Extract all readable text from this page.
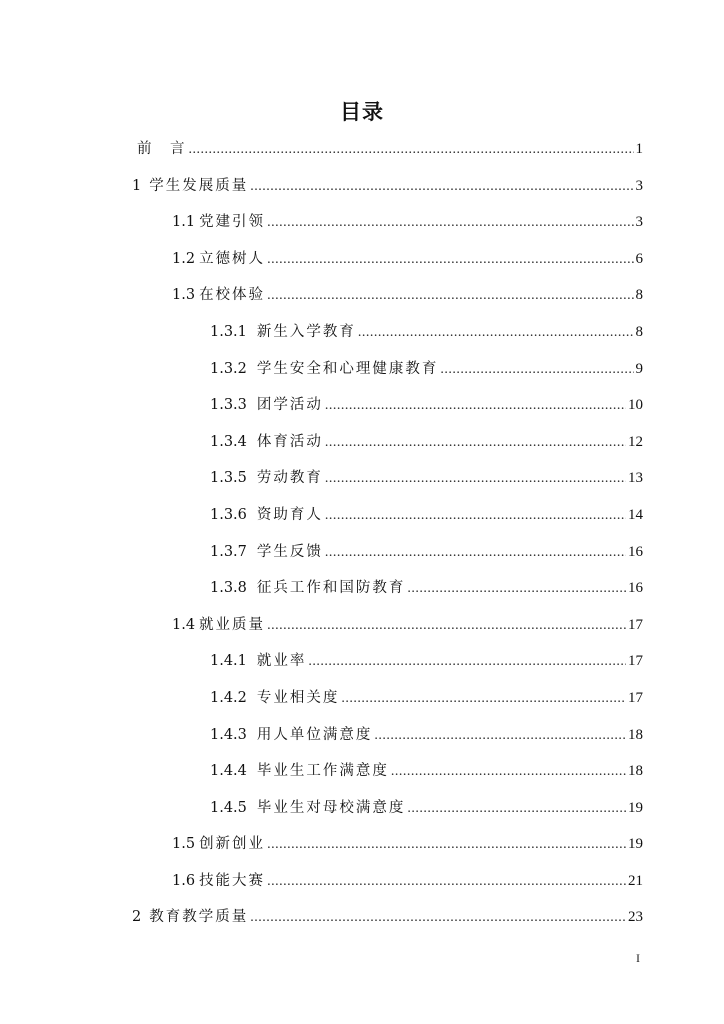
目录
前　言 .....	1
1 学生发展质量 .....	3
1.1 党建引领 .....	3
1.2 立德树人 .....	6
1.3 在校体验 .....	8
1.3.1 新生入学教育 .....	8
1.3.2 学生安全和心理健康教育 .....	9
1.3.3 团学活动 .....	10
1.3.4 体育活动 .....	12
1.3.5 劳动教育 .....	13
1.3.6 资助育人 .....	14
1.3.7 学生反馈 .....	16
1.3.8 征兵工作和国防教育 .....	16
1.4 就业质量 .....	17
1.4.1 就业率 .....	17
1.4.2 专业相关度 .....	17
1.4.3 用人单位满意度 .....	18
1.4.4 毕业生工作满意度 .....	18
1.4.5 毕业生对母校满意度 .....	19
1.5 创新创业 .....	19
1.6 技能大赛 .....	21
2 教育教学质量 .....	23
I
